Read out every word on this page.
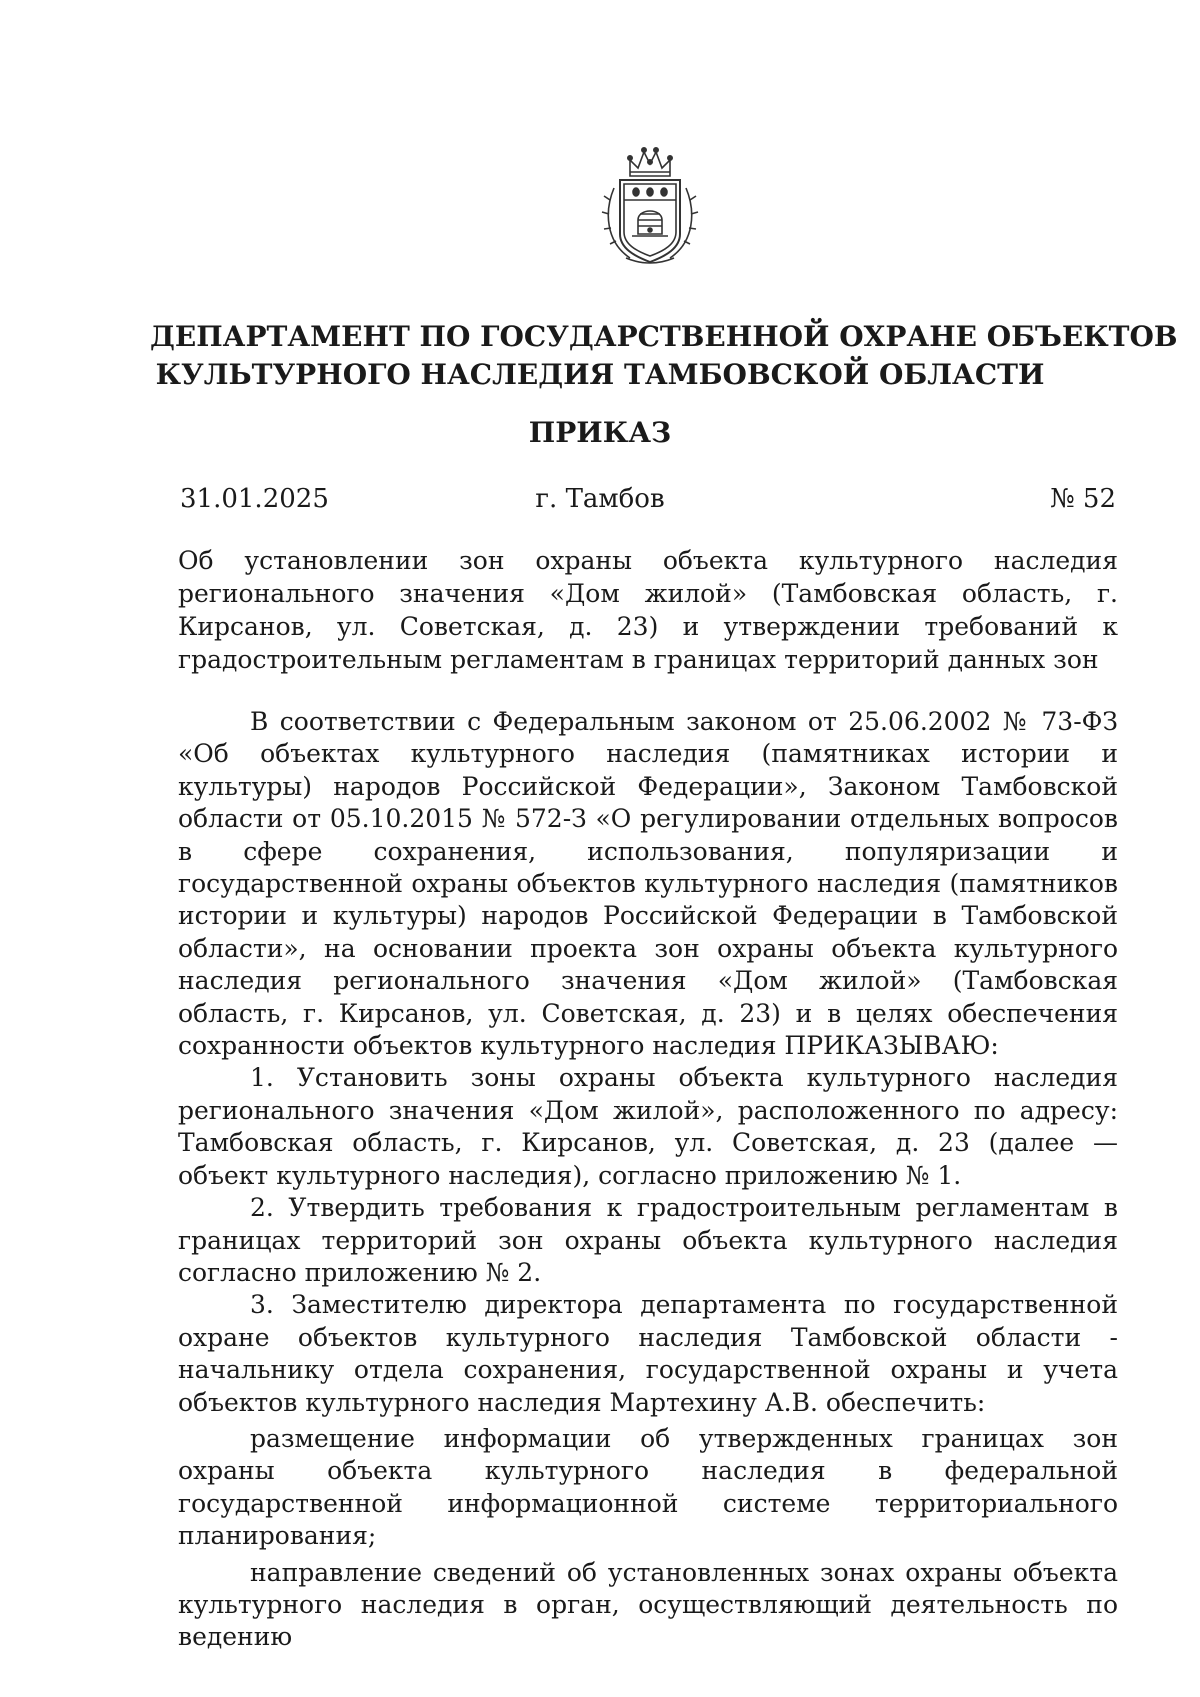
ДЕПАРТАМЕНТ ПО ГОСУДАРСТВЕННОЙ ОХРАНЕ ОБЪЕКТОВ
КУЛЬТУРНОГО НАСЛЕДИЯ ТАМБОВСКОЙ ОБЛАСТИ
ПРИКАЗ
31.01.2025	г. Тамбов	№ 52
Об установлении зон охраны объекта культурного наследия регионального значения «Дом жилой» (Тамбовская область, г. Кирсанов, ул. Советская, д. 23) и утверждении требований к градостроительным регламентам в границах территорий данных зон

В соответствии с Федеральным законом от 25.06.2002 № 73-ФЗ «Об объектах культурного наследия (памятниках истории и культуры) народов Российской Федерации», Законом Тамбовской области от 05.10.2015 № 572-З «О регулировании отдельных вопросов в сфере сохранения, использования, популяризации и государственной охраны объектов культурного наследия (памятников истории и культуры) народов Российской Федерации в Тамбовской области», на основании проекта зон охраны объекта культурного наследия регионального значения «Дом жилой» (Тамбовская область, г. Кирсанов, ул. Советская, д. 23) и в целях обеспечения сохранности объектов культурного наследия ПРИКАЗЫВАЮ:

1. Установить зоны охраны объекта культурного наследия регионального значения «Дом жилой», расположенного по адресу: Тамбовская область, г. Кирсанов, ул. Советская, д. 23 (далее — объект культурного наследия), согласно приложению № 1.

2. Утвердить требования к градостроительным регламентам в границах территорий зон охраны объекта культурного наследия согласно приложению № 2.

3. Заместителю директора департамента по государственной охране объектов культурного наследия Тамбовской области - начальнику отдела сохранения, государственной охраны и учета объектов культурного наследия Мартехину А.В. обеспечить:

размещение информации об утвержденных границах зон охраны объекта культурного наследия в федеральной государственной информационной системе территориального планирования;

направление сведений об установленных зонах охраны объекта культурного наследия в орган, осуществляющий деятельность по ведению
